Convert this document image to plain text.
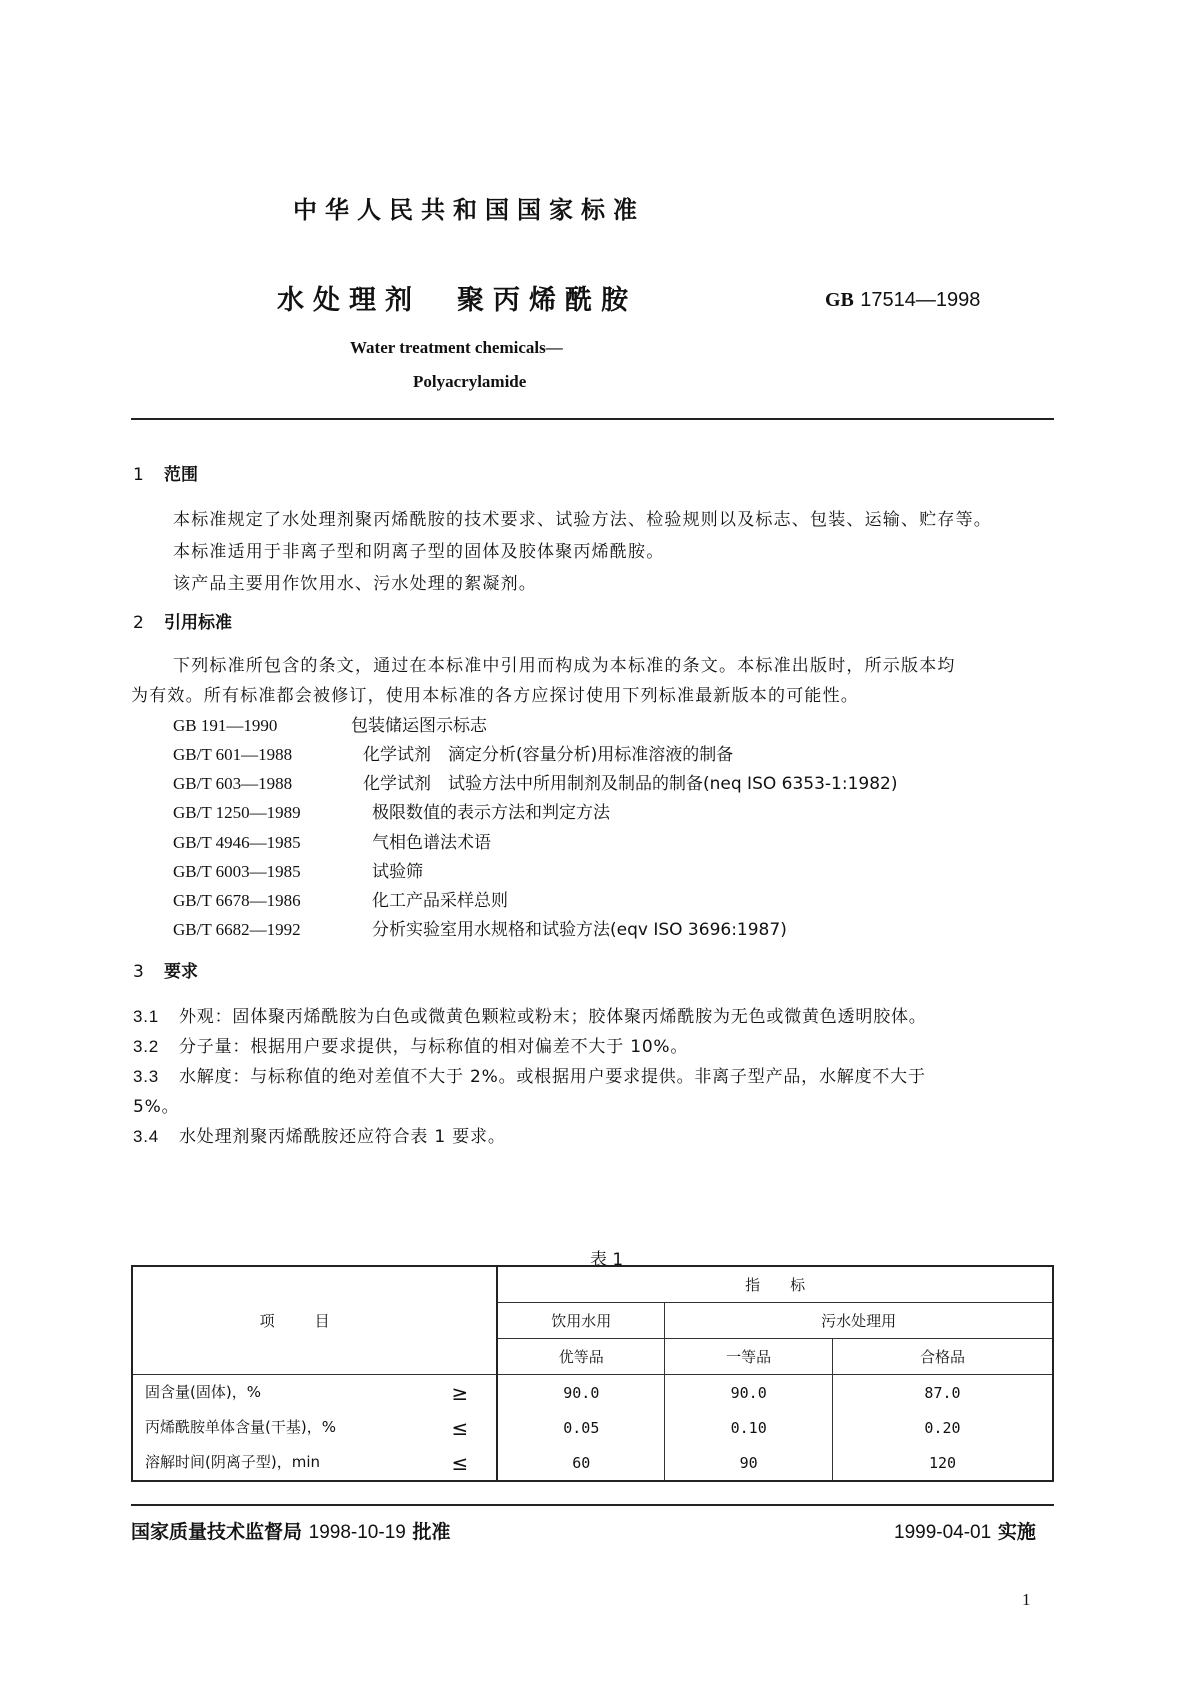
中华人民共和国国家标准
水处理剂　聚丙烯酰胺	GB 17514—1998
Water treatment chemicals—
Polyacrylamide
1 范围
本标准规定了水处理剂聚丙烯酰胺的技术要求、试验方法、检验规则以及标志、包装、运输、贮存等。
本标准适用于非离子型和阴离子型的固体及胶体聚丙烯酰胺。
该产品主要用作饮用水、污水处理的絮凝剂。
2 引用标准
下列标准所包含的条文，通过在本标准中引用而构成为本标准的条文。本标准出版时，所示版本均
为有效。所有标准都会被修订，使用本标准的各方应探讨使用下列标准最新版本的可能性。
GB 191—1990	包装储运图示标志
GB/T 601—1988	化学试剂　滴定分析(容量分析)用标准溶液的制备
GB/T 603—1988	化学试剂　试验方法中所用制剂及制品的制备(neq ISO 6353-1:1982)
GB/T 1250—1989	极限数值的表示方法和判定方法
GB/T 4946—1985	气相色谱法术语
GB/T 6003—1985	试验筛
GB/T 6678—1986	化工产品采样总则
GB/T 6682—1992	分析实验室用水规格和试验方法(eqv ISO 3696:1987)
3 要求
3.1 外观：固体聚丙烯酰胺为白色或微黄色颗粒或粉末；胶体聚丙烯酰胺为无色或微黄色透明胶体。
3.2 分子量：根据用户要求提供，与标称值的相对偏差不大于 10%。
3.3 水解度：与标称值的绝对差值不大于 2%。或根据用户要求提供。非离子型产品，水解度不大于
5%。
3.4 水处理剂聚丙烯酰胺还应符合表 1 要求。
表 1
项目	指　　标		
	饮用水用	污水处理用	
	优等品	一等品	合格品

固含量(固体)，% ≥	90.0	90.0	87.0

丙烯酰胺单体含量(干基)，% ≤	0.05	0.10	0.20

溶解时间(阴离子型)，min ≤	60	90	120
国家质量技术监督局 1998-10-19 批准	1999-04-01 实施
1
